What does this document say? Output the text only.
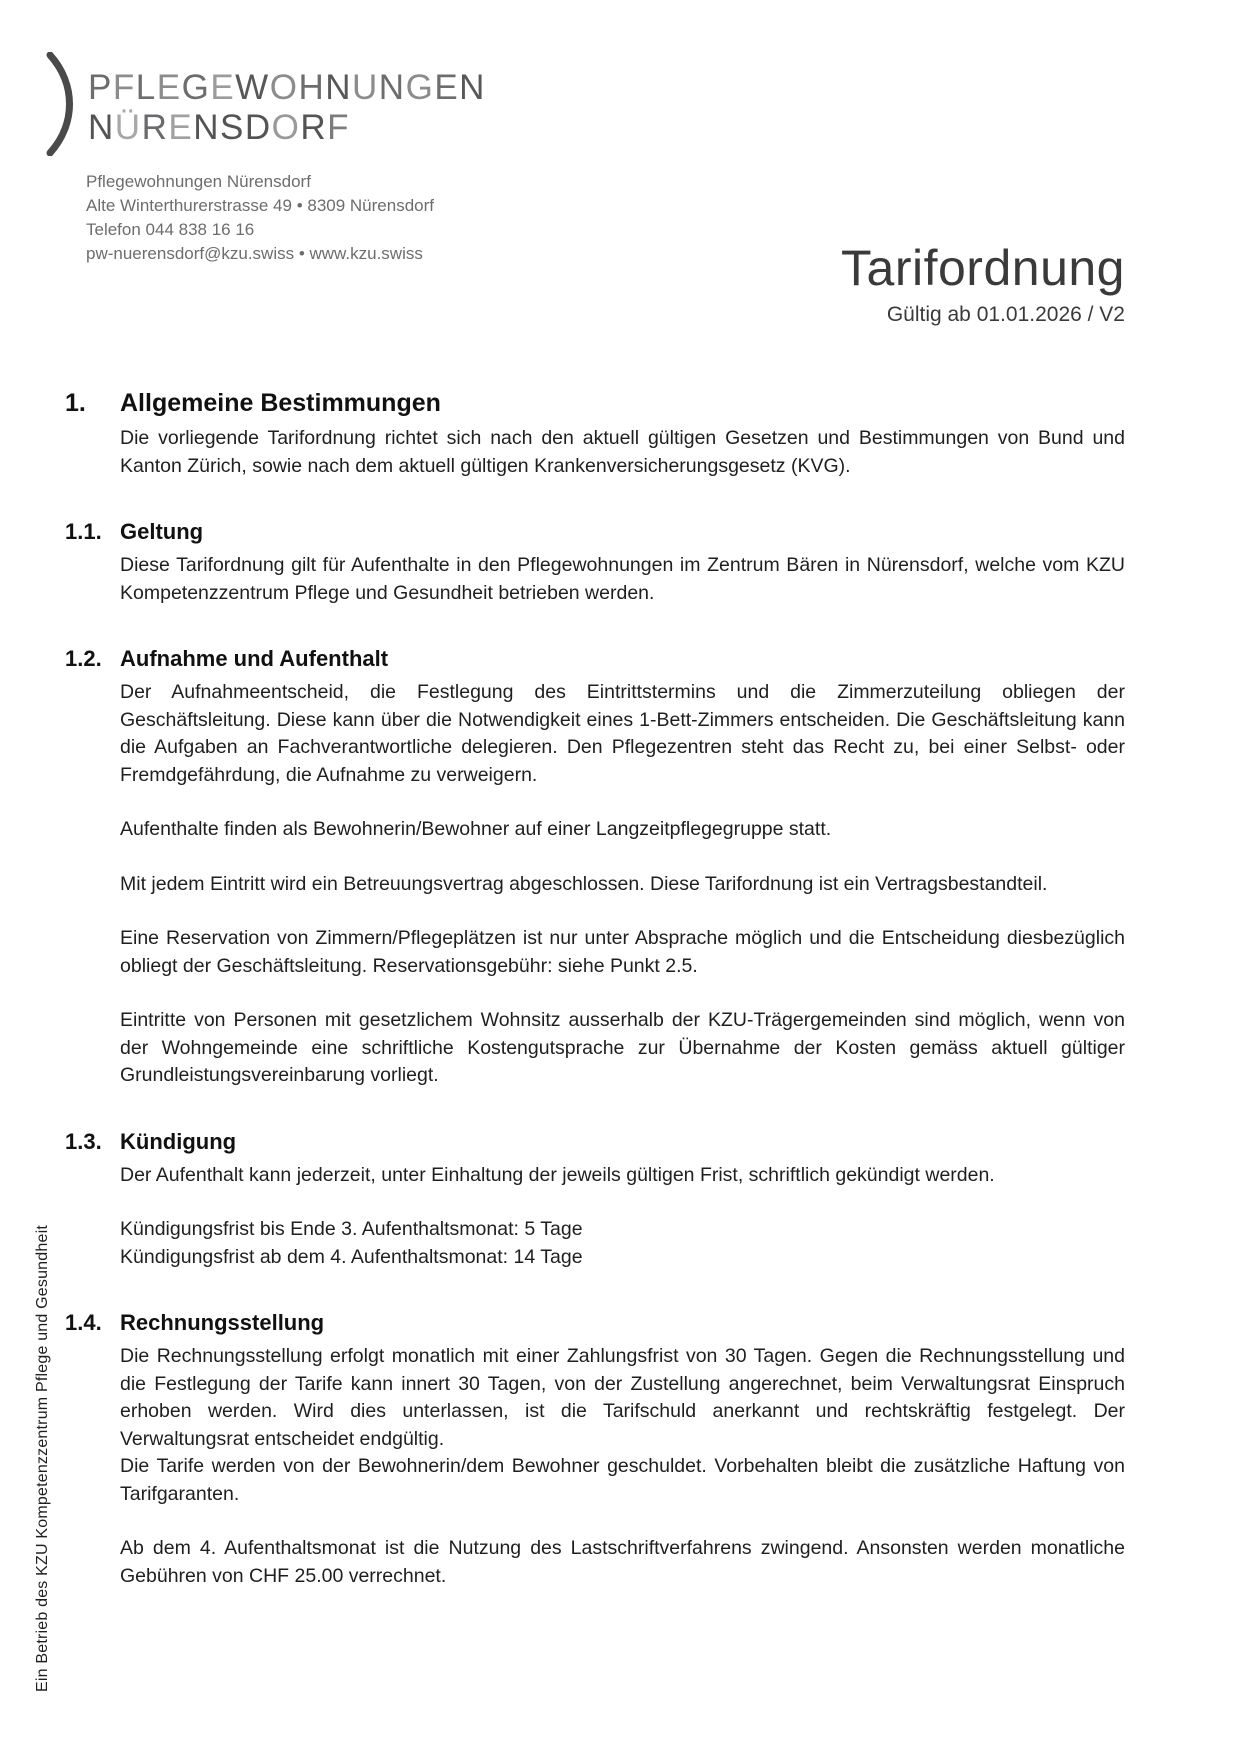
PFLEGEWOHNUNGEN
NÜRENSDORF
Pflegewohnungen Nürensdorf
Alte Winterthurerstrasse 49 • 8309 Nürensdorf
Telefon 044 838 16 16
pw-nuerensdorf@kzu.swiss • www.kzu.swiss	Tarifordnung
Gültig ab 01.01.2026 / V2
1.	Allgemeine Bestimmungen
Die vorliegende Tarifordnung richtet sich nach den aktuell gültigen Gesetzen und Bestimmungen von Bund und Kanton Zürich, sowie nach dem aktuell gültigen Krankenversicherungsgesetz (KVG).
1.1. Geltung
Diese Tarifordnung gilt für Aufenthalte in den Pflegewohnungen im Zentrum Bären in Nürensdorf, welche vom KZU Kompetenzzentrum Pflege und Gesundheit betrieben werden.
1.2. Aufnahme und Aufenthalt
Der Aufnahmeentscheid, die Festlegung des Eintrittstermins und die Zimmerzuteilung obliegen der Geschäftsleitung. Diese kann über die Notwendigkeit eines 1-Bett-Zimmers entscheiden. Die Geschäftsleitung kann die Aufgaben an Fachverantwortliche delegieren. Den Pflegezentren steht das Recht zu, bei einer Selbst- oder Fremdgefährdung, die Aufnahme zu verweigern.
Aufenthalte finden als Bewohnerin/Bewohner auf einer Langzeitpflegegruppe statt.
Mit jedem Eintritt wird ein Betreuungsvertrag abgeschlossen. Diese Tarifordnung ist ein Vertragsbestandteil.
Eine Reservation von Zimmern/Pflegeplätzen ist nur unter Absprache möglich und die Entscheidung diesbezüglich obliegt der Geschäftsleitung. Reservationsgebühr: siehe Punkt 2.5.
Eintritte von Personen mit gesetzlichem Wohnsitz ausserhalb der KZU-Trägergemeinden sind möglich, wenn von der Wohngemeinde eine schriftliche Kostengutsprache zur Übernahme der Kosten gemäss aktuell gültiger Grundleistungsvereinbarung vorliegt.
1.3. Kündigung
Der Aufenthalt kann jederzeit, unter Einhaltung der jeweils gültigen Frist, schriftlich gekündigt werden.
Kündigungsfrist bis Ende 3. Aufenthaltsmonat: 5 Tage
Kündigungsfrist ab dem 4. Aufenthaltsmonat: 14 Tage
1.4. Rechnungsstellung
Die Rechnungsstellung erfolgt monatlich mit einer Zahlungsfrist von 30 Tagen. Gegen die Rechnungsstellung und die Festlegung der Tarife kann innert 30 Tagen, von der Zustellung angerechnet, beim Verwaltungsrat Einspruch erhoben werden. Wird dies unterlassen, ist die Tarifschuld anerkannt und rechtskräftig festgelegt. Der Verwaltungsrat entscheidet endgültig.
Die Tarife werden von der Bewohnerin/dem Bewohner geschuldet. Vorbehalten bleibt die zusätzliche Haftung von Tarifgaranten.
Ab dem 4. Aufenthaltsmonat ist die Nutzung des Lastschriftverfahrens zwingend. Ansonsten werden monatliche Gebühren von CHF 25.00 verrechnet.
Ein Betrieb des KZU Kompetenzzentrum Pflege und Gesundheit
